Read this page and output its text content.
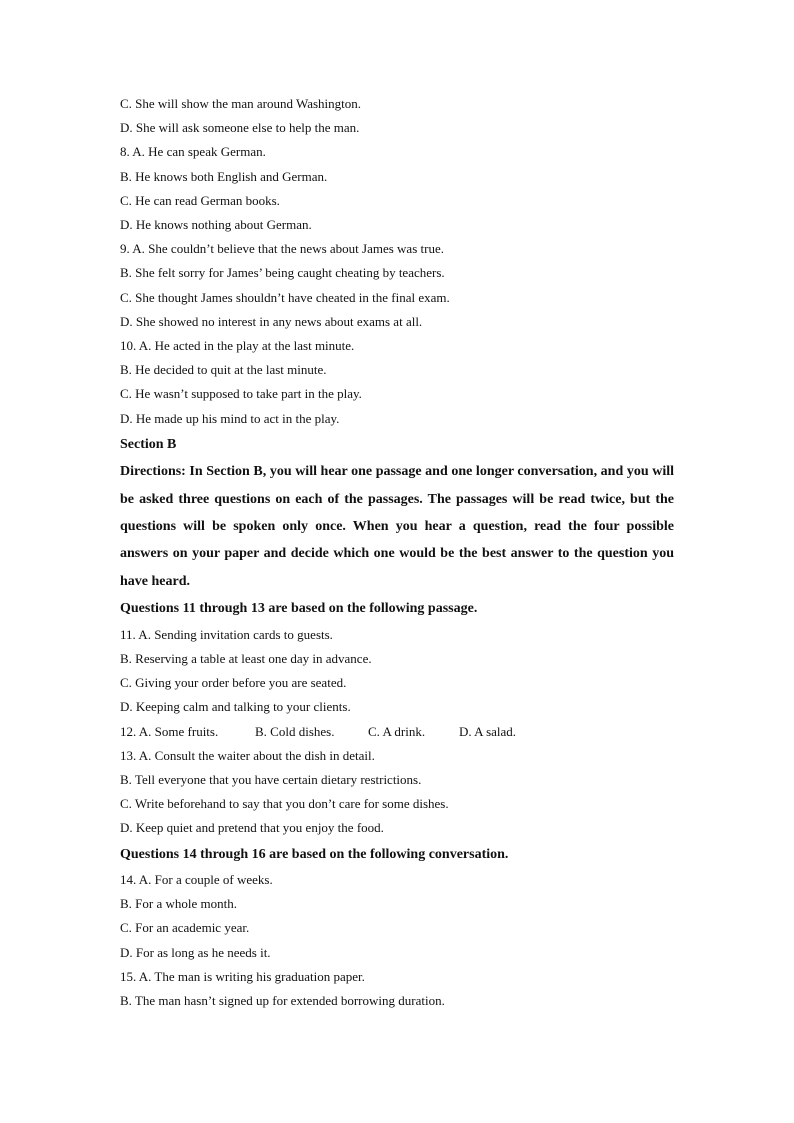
C. She will show the man around Washington.
D. She will ask someone else to help the man.
8. A. He can speak German.
B. He knows both English and German.
C. He can read German books.
D. He knows nothing about German.
9. A. She couldn’t believe that the news about James was true.
B. She felt sorry for James’ being caught cheating by teachers.
C. She thought James shouldn’t have cheated in the final exam.
D. She showed no interest in any news about exams at all.
10. A. He acted in the play at the last minute.
B. He decided to quit at the last minute.
C. He wasn’t supposed to take part in the play.
D. He made up his mind to act in the play.
Section B
Directions: In Section B, you will hear one passage and one longer conversation, and you will be asked three questions on each of the passages. The passages will be read twice, but the questions will be spoken only once. When you hear a question, read the four possible answers on your paper and decide which one would be the best answer to the question you have heard.
Questions 11 through 13 are based on the following passage.
11. A. Sending invitation cards to guests.
B. Reserving a table at least one day in advance.
C. Giving your order before you are seated.
D. Keeping calm and talking to your clients.
12. A. Some fruits.	B. Cold dishes.	C. A drink.	D. A salad.
13. A. Consult the waiter about the dish in detail.
B. Tell everyone that you have certain dietary restrictions.
C. Write beforehand to say that you don’t care for some dishes.
D. Keep quiet and pretend that you enjoy the food.
Questions 14 through 16 are based on the following conversation.
14. A. For a couple of weeks.
B. For a whole month.
C. For an academic year.
D. For as long as he needs it.
15. A. The man is writing his graduation paper.
B. The man hasn’t signed up for extended borrowing duration.
